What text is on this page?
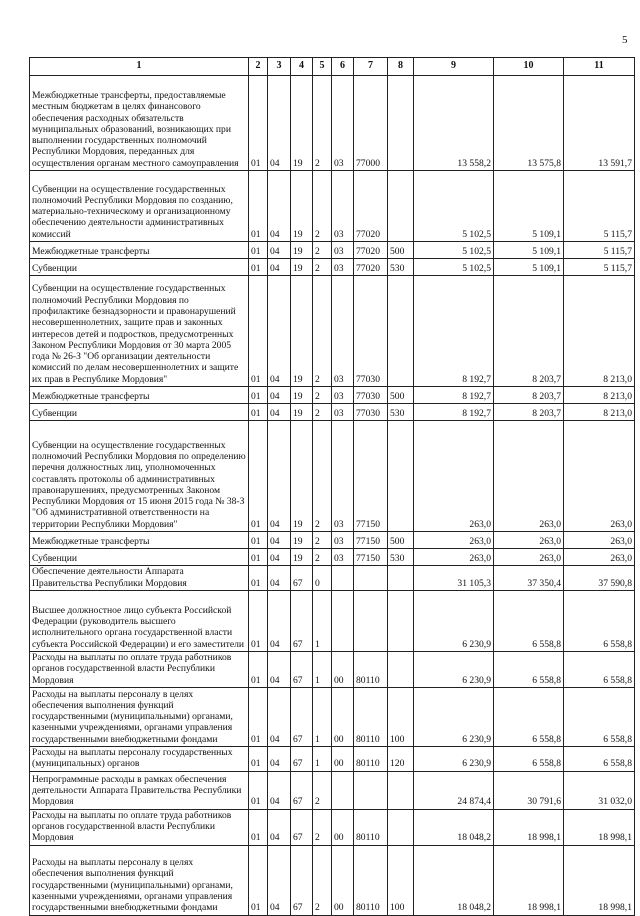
5
1	2	3	4	5	6	7	8	9	10	11
Межбюджетные трансферты, предоставляемые местным бюджетам в целях финансового обеспечения расходных обязательств муниципальных образований, возникающих при выполнении государственных полномочий Республики Мордовия, переданных для осуществления органам местного самоуправления	01	04	19	2	03	77000		13 558,2	13 575,8	13 591,7
Субвенции на осуществление государственных полномочий Республики Мордовия по созданию, материально-техническому и организационному обеспечению деятельности административных комиссий	01	04	19	2	03	77020		5 102,5	5 109,1	5 115,7
Межбюджетные трансферты	01	04	19	2	03	77020	500	5 102,5	5 109,1	5 115,7
Субвенции	01	04	19	2	03	77020	530	5 102,5	5 109,1	5 115,7
Субвенции на осуществление государственных полномочий Республики Мордовия по профилактике безнадзорности и правонарушений несовершеннолетних, защите прав и законных интересов детей и подростков, предусмотренных Законом Республики Мордовия от 30 марта 2005 года № 26-З "Об организации деятельности комиссий по делам несовершеннолетних и защите их прав в Республике Мордовия"	01	04	19	2	03	77030		8 192,7	8 203,7	8 213,0
Межбюджетные трансферты	01	04	19	2	03	77030	500	8 192,7	8 203,7	8 213,0
Субвенции	01	04	19	2	03	77030	530	8 192,7	8 203,7	8 213,0
Субвенции на осуществление государственных полномочий Республики Мордовия по определению перечня должностных лиц, уполномоченных составлять протоколы об административных правонарушениях, предусмотренных Законом Республики Мордовия от 15 июня 2015 года № 38-З "Об административной ответственности на территории Республики Мордовия"	01	04	19	2	03	77150		263,0	263,0	263,0
Межбюджетные трансферты	01	04	19	2	03	77150	500	263,0	263,0	263,0
Субвенции	01	04	19	2	03	77150	530	263,0	263,0	263,0
Обеспечение деятельности Аппарата Правительства Республики Мордовия	01	04	67	0				31 105,3	37 350,4	37 590,8
Высшее должностное лицо субъекта Российской Федерации (руководитель высшего исполнительного органа государственной власти субъекта Российской Федерации) и его заместители	01	04	67	1				6 230,9	6 558,8	6 558,8
Расходы на выплаты по оплате труда работников органов государственной власти Республики Мордовия	01	04	67	1	00	80110		6 230,9	6 558,8	6 558,8
Расходы на выплаты персоналу в целях обеспечения выполнения функций государственными (муниципальными) органами, казенными учреждениями, органами управления государственными внебюджетными фондами	01	04	67	1	00	80110	100	6 230,9	6 558,8	6 558,8
Расходы на выплаты персоналу государственных (муниципальных) органов	01	04	67	1	00	80110	120	6 230,9	6 558,8	6 558,8
Непрограммные расходы в рамках обеспечения деятельности Аппарата Правительства Республики Мордовия	01	04	67	2				24 874,4	30 791,6	31 032,0
Расходы на выплаты по оплате труда работников органов государственной власти Республики Мордовия	01	04	67	2	00	80110		18 048,2	18 998,1	18 998,1
Расходы на выплаты персоналу в целях обеспечения выполнения функций государственными (муниципальными) органами, казенными учреждениями, органами управления государственными внебюджетными фондами	01	04	67	2	00	80110	100	18 048,2	18 998,1	18 998,1
